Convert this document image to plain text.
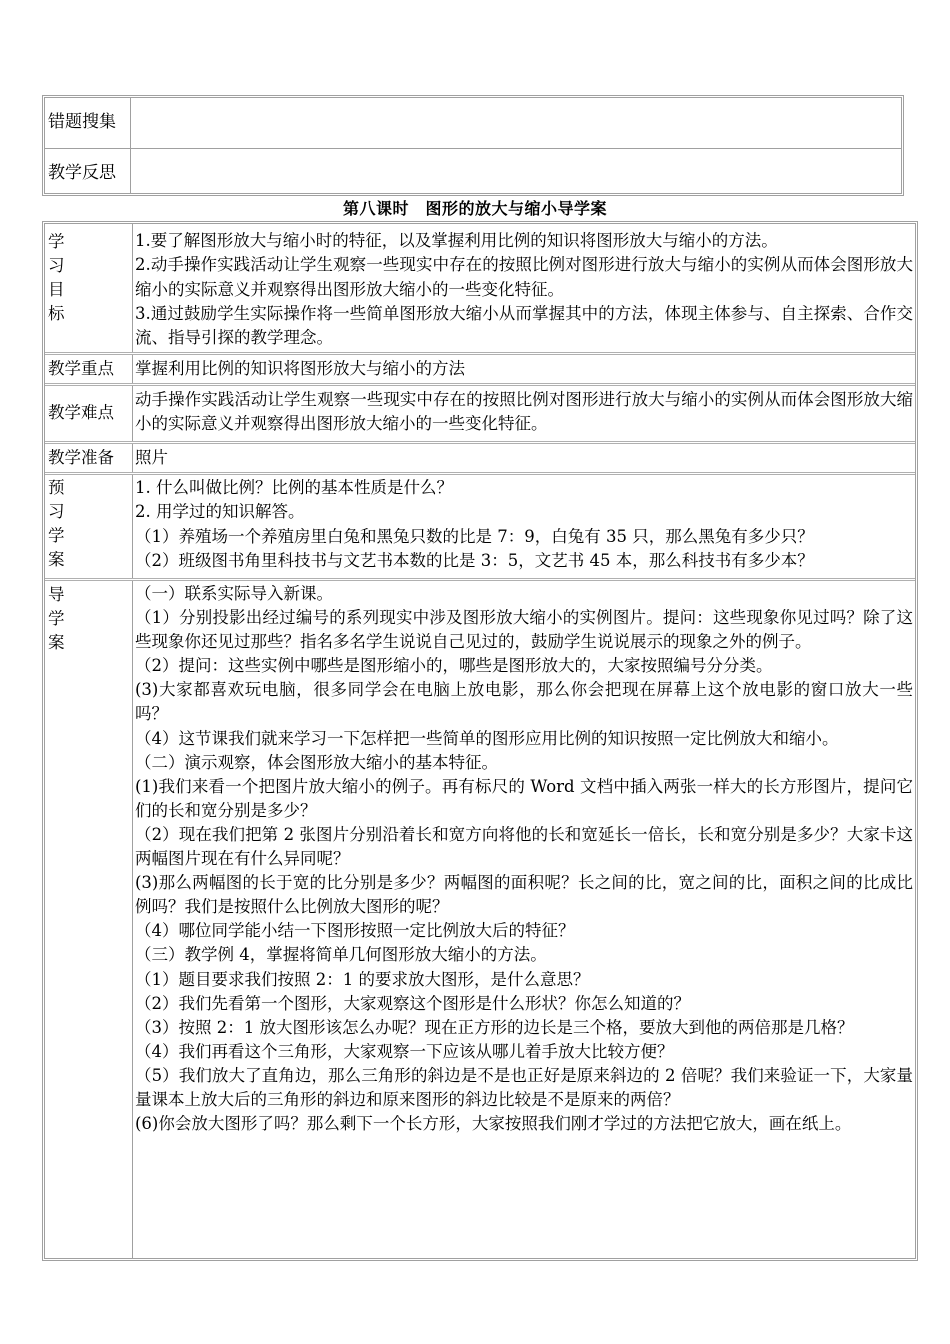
错题搜集
教学反思
第八课时　图形的放大与缩小导学案
学
习
目
标

1.要了解图形放大与缩小时的特征，以及掌握利用比例的知识将图形放大与缩小的方法。

2.动手操作实践活动让学生观察一些现实中存在的按照比例对图形进行放大与缩小的实例从而体会图形放大缩小的实际意义并观察得出图形放大缩小的一些变化特征。

3.通过鼓励学生实际操作将一些简单图形放大缩小从而掌握其中的方法，体现主体参与、自主探索、合作交流、指导引探的教学理念。

教学重点	掌握利用比例的知识将图形放大与缩小的方法
教学难点
动手操作实践活动让学生观察一些现实中存在的按照比例对图形进行放大与缩小的实例从而体会图形放大缩小的实际意义并观察得出图形放大缩小的一些变化特征。
教学准备	照片
预
习
学
案

1. 什么叫做比例？比例的基本性质是什么？

2. 用学过的知识解答。

（1）养殖场一个养殖房里白兔和黑兔只数的比是 7：9，白兔有 35 只，那么黑兔有多少只？

（2）班级图书角里科技书与文艺书本数的比是 3：5，文艺书 45 本，那么科技书有多少本？

导
学
案

（一）联系实际导入新课。

（1）分别投影出经过编号的系列现实中涉及图形放大缩小的实例图片。提问：这些现象你见过吗？除了这些现象你还见过那些？指名多名学生说说自己见过的，鼓励学生说说展示的现象之外的例子。

（2）提问：这些实例中哪些是图形缩小的，哪些是图形放大的，大家按照编号分分类。

(3)大家都喜欢玩电脑，很多同学会在电脑上放电影，那么你会把现在屏幕上这个放电影的窗口放大一些吗？

（4）这节课我们就来学习一下怎样把一些简单的图形应用比例的知识按照一定比例放大和缩小。

（二）演示观察，体会图形放大缩小的基本特征。

(1)我们来看一个把图片放大缩小的例子。再有标尺的 Word 文档中插入两张一样大的长方形图片，提问它们的长和宽分别是多少？

（2）现在我们把第 2 张图片分别沿着长和宽方向将他的长和宽延长一倍长，长和宽分别是多少？大家卡这两幅图片现在有什么异同呢？

(3)那么两幅图的长于宽的比分别是多少？两幅图的面积呢？长之间的比，宽之间的比，面积之间的比成比例吗？我们是按照什么比例放大图形的呢？

（4）哪位同学能小结一下图形按照一定比例放大后的特征？

（三）教学例 4，掌握将简单几何图形放大缩小的方法。

（1）题目要求我们按照 2：1 的要求放大图形，是什么意思？

（2）我们先看第一个图形，大家观察这个图形是什么形状？你怎么知道的？

（3）按照 2：1 放大图形该怎么办呢？现在正方形的边长是三个格，要放大到他的两倍那是几格？

（4）我们再看这个三角形，大家观察一下应该从哪儿着手放大比较方便？

（5）我们放大了直角边，那么三角形的斜边是不是也正好是原来斜边的 2 倍呢？我们来验证一下，大家量量课本上放大后的三角形的斜边和原来图形的斜边比较是不是原来的两倍？

(6)你会放大图形了吗？那么剩下一个长方形，大家按照我们刚才学过的方法把它放大，画在纸上。
